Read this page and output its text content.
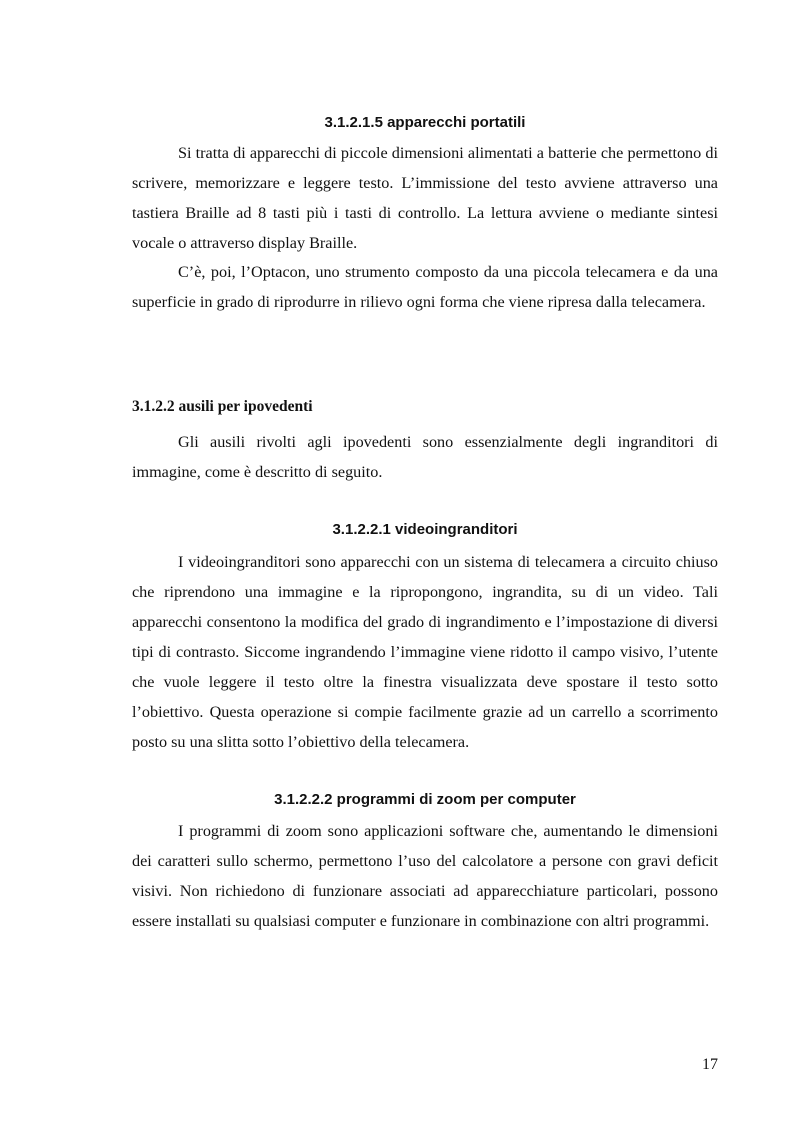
3.1.2.1.5 apparecchi portatili

Si tratta di apparecchi di piccole dimensioni alimentati a batterie che permettono di scrivere, memorizzare e leggere testo. L’immissione del testo avviene attraverso una tastiera Braille ad 8 tasti più i tasti di controllo. La lettura avviene o mediante sintesi vocale o attraverso display Braille.

C’è, poi, l’Optacon, uno strumento composto da una piccola telecamera e da una superficie in grado di riprodurre in rilievo ogni forma che viene ripresa dalla telecamera.

3.1.2.2 ausili per ipovedenti

Gli ausili rivolti agli ipovedenti sono essenzialmente degli ingranditori di immagine, come è descritto di seguito.

3.1.2.2.1 videoingranditori

I videoingranditori sono apparecchi con un sistema di telecamera a circuito chiuso che riprendono una immagine e la ripropongono, ingrandita, su di un video. Tali apparecchi consentono la modifica del grado di ingrandimento e l’impostazione di diversi tipi di contrasto. Siccome ingrandendo l’immagine viene ridotto il campo visivo, l’utente che vuole leggere il testo oltre la finestra visualizzata deve spostare il testo sotto l’obiettivo. Questa operazione si compie facilmente grazie ad un carrello a scorrimento posto su una slitta sotto l’obiettivo della telecamera.

3.1.2.2.2 programmi di zoom per computer

I programmi di zoom sono applicazioni software che, aumentando le dimensioni dei caratteri sullo schermo, permettono l’uso del calcolatore a persone con gravi deficit visivi. Non richiedono di funzionare associati ad apparecchiature particolari, possono essere installati su qualsiasi computer e funzionare in combinazione con altri programmi.

17
